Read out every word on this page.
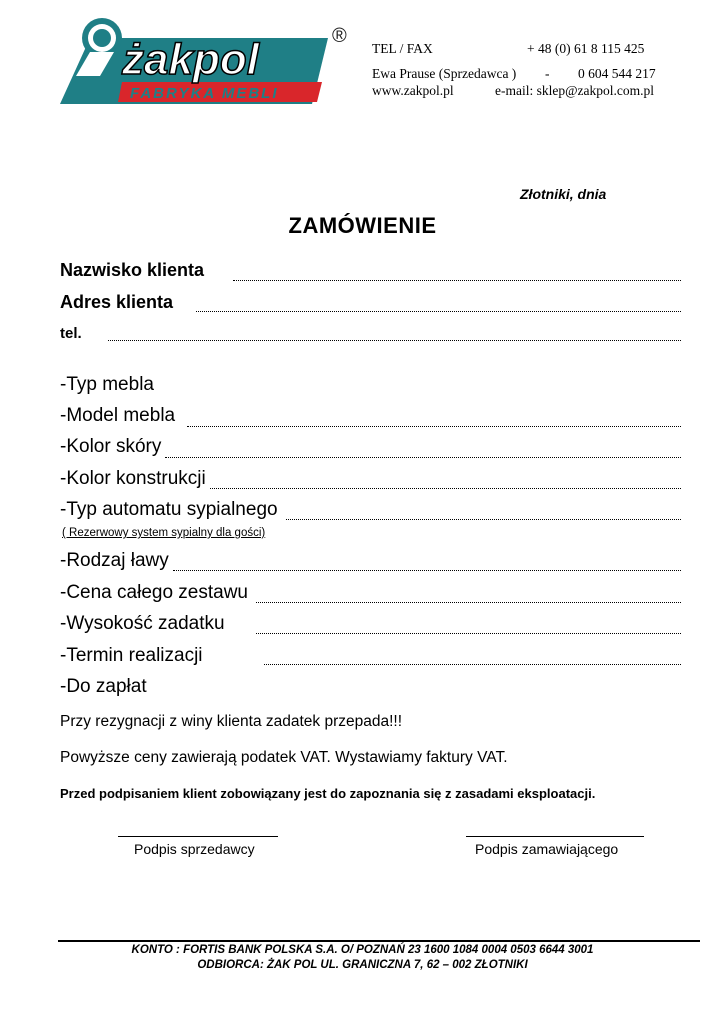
żakpol
FABRYKA MEBLI
®
TEL / FAX	+ 48 (0) 61 8 115 425
Ewa Prause (Sprzedawca ) - 0 604 544 217
www.zakpol.pl	e-mail: sklep@zakpol.com.pl
Złotniki, dnia
ZAMÓWIENIE
Nazwisko klienta
Adres klienta
tel.
-Typ mebla
-Model mebla
-Kolor skóry
-Kolor konstrukcji
-Typ automatu sypialnego
( Rezerwowy system sypialny dla gości)
-Rodzaj ławy
-Cena całego zestawu
-Wysokość zadatku
-Termin realizacji
-Do zapłat
Przy rezygnacji z winy klienta zadatek przepada!!!
Powyższe ceny zawierają podatek VAT. Wystawiamy faktury VAT.
Przed podpisaniem klient zobowiązany jest do zapoznania się z zasadami eksploatacji.
Podpis sprzedawcy	Podpis zamawiającego
KONTO : FORTIS BANK POLSKA S.A. O/ POZNAŃ 23 1600 1084 0004 0503 6644 3001
ODBIORCA: ŻAK POL UL. GRANICZNA 7, 62 – 002 ZŁOTNIKI
